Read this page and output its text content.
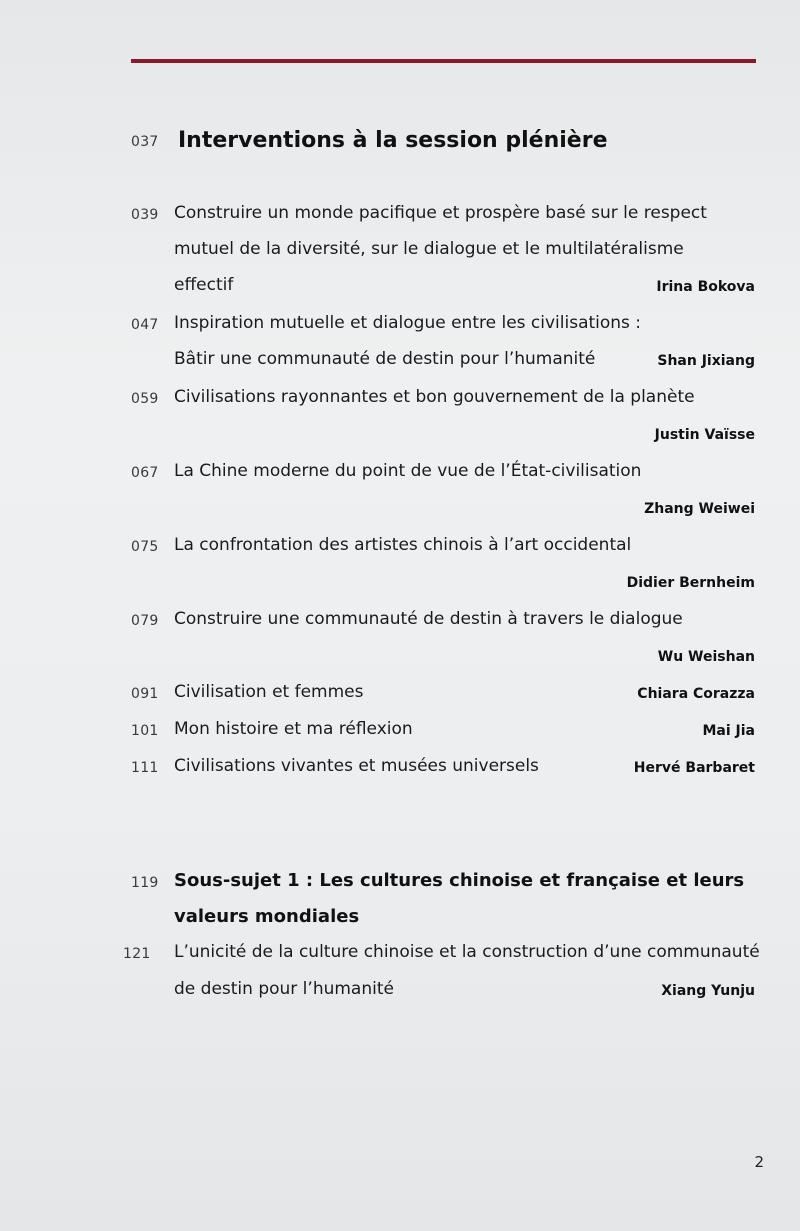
037 Interventions à la session plénière
039 Construire un monde pacifique et prospère basé sur le respect
mutuel de la diversité, sur le dialogue et le multilatéralisme
effectif	Irina Bokova
047 Inspiration mutuelle et dialogue entre les civilisations :
Bâtir une communauté de destin pour l’humanité	Shan Jixiang
059 Civilisations rayonnantes et bon gouvernement de la planète
Justin Vaïsse
067 La Chine moderne du point de vue de l’État-civilisation
Zhang Weiwei
075 La confrontation des artistes chinois à l’art occidental
Didier Bernheim
079 Construire une communauté de destin à travers le dialogue
Wu Weishan
091 Civilisation et femmes	Chiara Corazza
101 Mon histoire et ma réflexion	Mai Jia
111 Civilisations vivantes et musées universels	Hervé Barbaret
119 Sous-sujet 1 : Les cultures chinoise et française et leurs
valeurs mondiales
121 L’unicité de la culture chinoise et la construction d’une communauté
de destin pour l’humanité	Xiang Yunju
2
